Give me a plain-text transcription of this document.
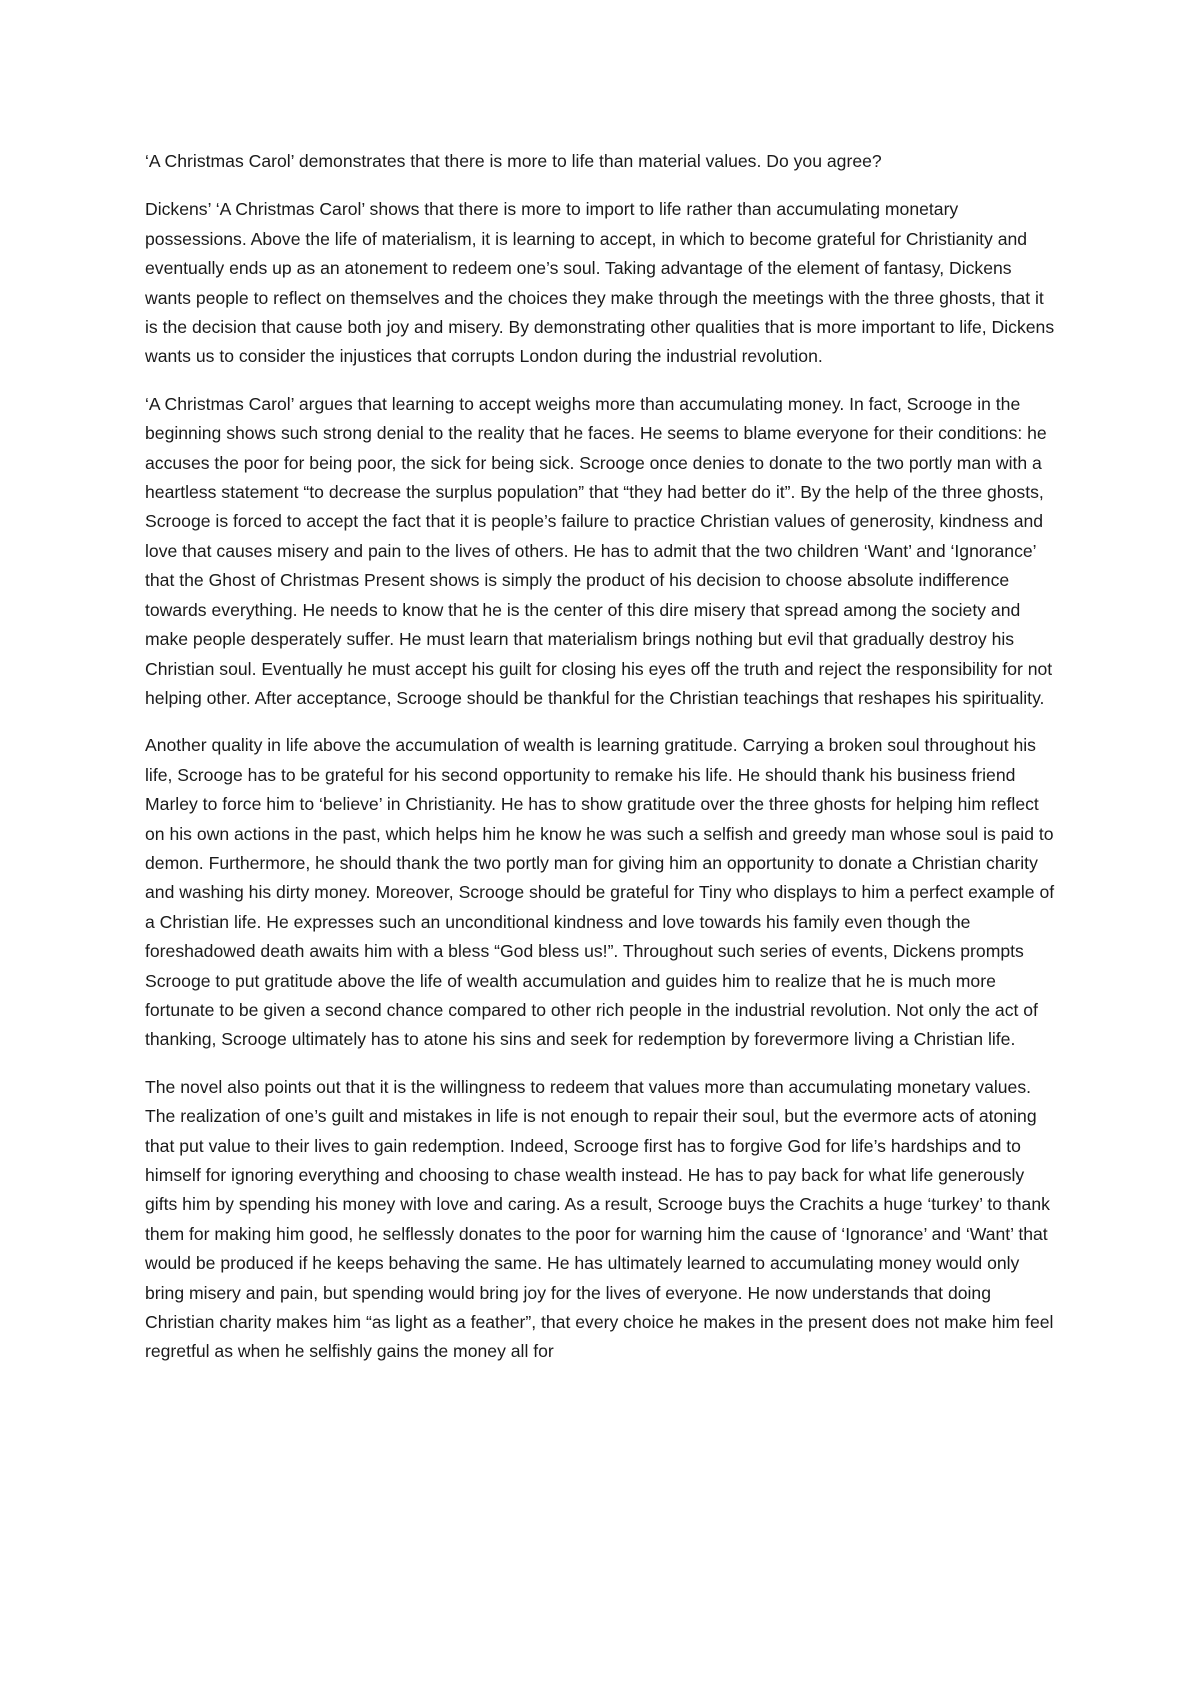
‘A Christmas Carol’ demonstrates that there is more to life than material values. Do you agree?

Dickens’ ‘A Christmas Carol’ shows that there is more to import to life rather than accumulating monetary possessions. Above the life of materialism, it is learning to accept, in which to become grateful for Christianity and eventually ends up as an atonement to redeem one’s soul. Taking advantage of the element of fantasy, Dickens wants people to reflect on themselves and the choices they make through the meetings with the three ghosts, that it is the decision that cause both joy and misery. By demonstrating other qualities that is more important to life, Dickens wants us to consider the injustices that corrupts London during the industrial revolution.

‘A Christmas Carol’ argues that learning to accept weighs more than accumulating money. In fact, Scrooge in the beginning shows such strong denial to the reality that he faces. He seems to blame everyone for their conditions: he accuses the poor for being poor, the sick for being sick. Scrooge once denies to donate to the two portly man with a heartless statement “to decrease the surplus population” that “they had better do it”. By the help of the three ghosts, Scrooge is forced to accept the fact that it is people’s failure to practice Christian values of generosity, kindness and love that causes misery and pain to the lives of others. He has to admit that the two children ‘Want’ and ‘Ignorance’ that the Ghost of Christmas Present shows is simply the product of his decision to choose absolute indifference towards everything. He needs to know that he is the center of this dire misery that spread among the society and make people desperately suffer. He must learn that materialism brings nothing but evil that gradually destroy his Christian soul. Eventually he must accept his guilt for closing his eyes off the truth and reject the responsibility for not helping other. After acceptance, Scrooge should be thankful for the Christian teachings that reshapes his spirituality.

Another quality in life above the accumulation of wealth is learning gratitude. Carrying a broken soul throughout his life, Scrooge has to be grateful for his second opportunity to remake his life. He should thank his business friend Marley to force him to ‘believe’ in Christianity. He has to show gratitude over the three ghosts for helping him reflect on his own actions in the past, which helps him he know he was such a selfish and greedy man whose soul is paid to demon. Furthermore, he should thank the two portly man for giving him an opportunity to donate a Christian charity and washing his dirty money. Moreover, Scrooge should be grateful for Tiny who displays to him a perfect example of a Christian life. He expresses such an unconditional kindness and love towards his family even though the foreshadowed death awaits him with a bless “God bless us!”. Throughout such series of events, Dickens prompts Scrooge to put gratitude above the life of wealth accumulation and guides him to realize that he is much more fortunate to be given a second chance compared to other rich people in the industrial revolution. Not only the act of thanking, Scrooge ultimately has to atone his sins and seek for redemption by forevermore living a Christian life.

The novel also points out that it is the willingness to redeem that values more than accumulating monetary values. The realization of one’s guilt and mistakes in life is not enough to repair their soul, but the evermore acts of atoning that put value to their lives to gain redemption. Indeed, Scrooge first has to forgive God for life’s hardships and to himself for ignoring everything and choosing to chase wealth instead. He has to pay back for what life generously gifts him by spending his money with love and caring. As a result, Scrooge buys the Crachits a huge ‘turkey’ to thank them for making him good, he selflessly donates to the poor for warning him the cause of ‘Ignorance’ and ‘Want’ that would be produced if he keeps behaving the same. He has ultimately learned to accumulating money would only bring misery and pain, but spending would bring joy for the lives of everyone. He now understands that doing Christian charity makes him “as light as a feather”, that every choice he makes in the present does not make him feel regretful as when he selfishly gains the money all for
